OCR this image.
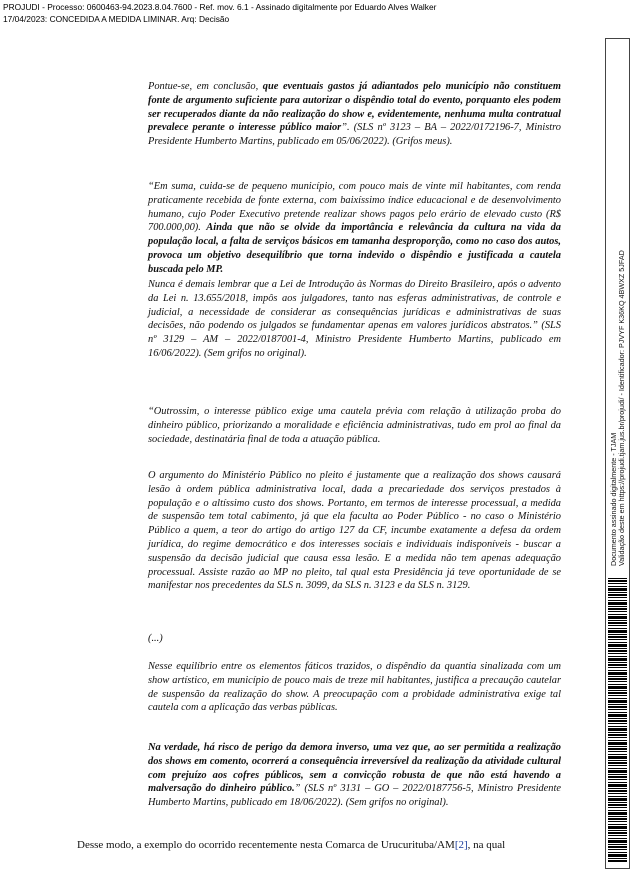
PROJUDI - Processo: 0600463-94.2023.8.04.7600 - Ref. mov. 6.1 - Assinado digitalmente por Eduardo Alves Walker
17/04/2023: CONCEDIDA A MEDIDA LIMINAR. Arq: Decisão
Pontue-se, em conclusão, que eventuais gastos já adiantados pelo município não constituem fonte de argumento suficiente para autorizar o dispêndio total do evento, porquanto eles podem ser recuperados diante da não realização do show e, evidentemente, nenhuma multa contratual prevalece perante o interesse público maior”. (SLS nº 3123 – BA – 2022/0172196-7, Ministro Presidente Humberto Martins, publicado em 05/06/2022). (Grifos meus).
“Em suma, cuida-se de pequeno município, com pouco mais de vinte mil habitantes, com renda praticamente recebida de fonte externa, com baixíssimo índice educacional e de desenvolvimento humano, cujo Poder Executivo pretende realizar shows pagos pelo erário de elevado custo (R$ 700.000,00). Ainda que não se olvide da importância e relevância da cultura na vida da população local, a falta de serviços básicos em tamanha desproporção, como no caso dos autos, provoca um objetivo desequilíbrio que torna indevido o dispêndio e justificada a cautela buscada pelo MP.
Nunca é demais lembrar que a Lei de Introdução às Normas do Direito Brasileiro, após o advento da Lei n. 13.655/2018, impôs aos julgadores, tanto nas esferas administrativas, de controle e judicial, a necessidade de considerar as consequências jurídicas e administrativas de suas decisões, não podendo os julgados se fundamentar apenas em valores jurídicos abstratos.” (SLS nº 3129 – AM – 2022/0187001-4, Ministro Presidente Humberto Martins, publicado em 16/06/2022). (Sem grifos no original).
“Outrossim, o interesse público exige uma cautela prévia com relação à utilização proba do dinheiro público, priorizando a moralidade e eficiência administrativas, tudo em prol ao final da sociedade, destinatária final de toda a atuação pública.
O argumento do Ministério Público no pleito é justamente que a realização dos shows causará lesão à ordem pública administrativa local, dada a precariedade dos serviços prestados à população e o altíssimo custo dos shows. Portanto, em termos de interesse processual, a medida de suspensão tem total cabimento, já que ela faculta ao Poder Público - no caso o Ministério Público a quem, a teor do artigo do artigo 127 da CF, incumbe exatamente a defesa da ordem jurídica, do regime democrático e dos interesses sociais e individuais indisponíveis - buscar a suspensão da decisão judicial que causa essa lesão. E a medida não tem apenas adequação processual. Assiste razão ao MP no pleito, tal qual esta Presidência já teve oportunidade de se manifestar nos precedentes da SLS n. 3099, da SLS n. 3123 e da SLS n. 3129.
(...)
Nesse equilíbrio entre os elementos fáticos trazidos, o dispêndio da quantia sinalizada com um show artístico, em município de pouco mais de treze mil habitantes, justifica a precaução cautelar de suspensão da realização do show. A preocupação com a probidade administrativa exige tal cautela com a aplicação das verbas públicas.
Na verdade, há risco de perigo da demora inverso, uma vez que, ao ser permitida a realização dos shows em comento, ocorrerá a consequência irreversível da realização da atividade cultural com prejuízo aos cofres públicos, sem a convicção robusta de que não está havendo a malversação do dinheiro público.” (SLS nº 3131 – GO – 2022/0187756-5, Ministro Presidente Humberto Martins, publicado em 18/06/2022). (Sem grifos no original).
Desse modo, a exemplo do ocorrido recentemente nesta Comarca de Urucurituba/AM[2], na qual
Documento assinado digitalmente - TJAM Validação deste em https://projudi.tjam.jus.br/projudi/ - Identificador: PJVYF K36KQ 4BWXZ 5JFAD
